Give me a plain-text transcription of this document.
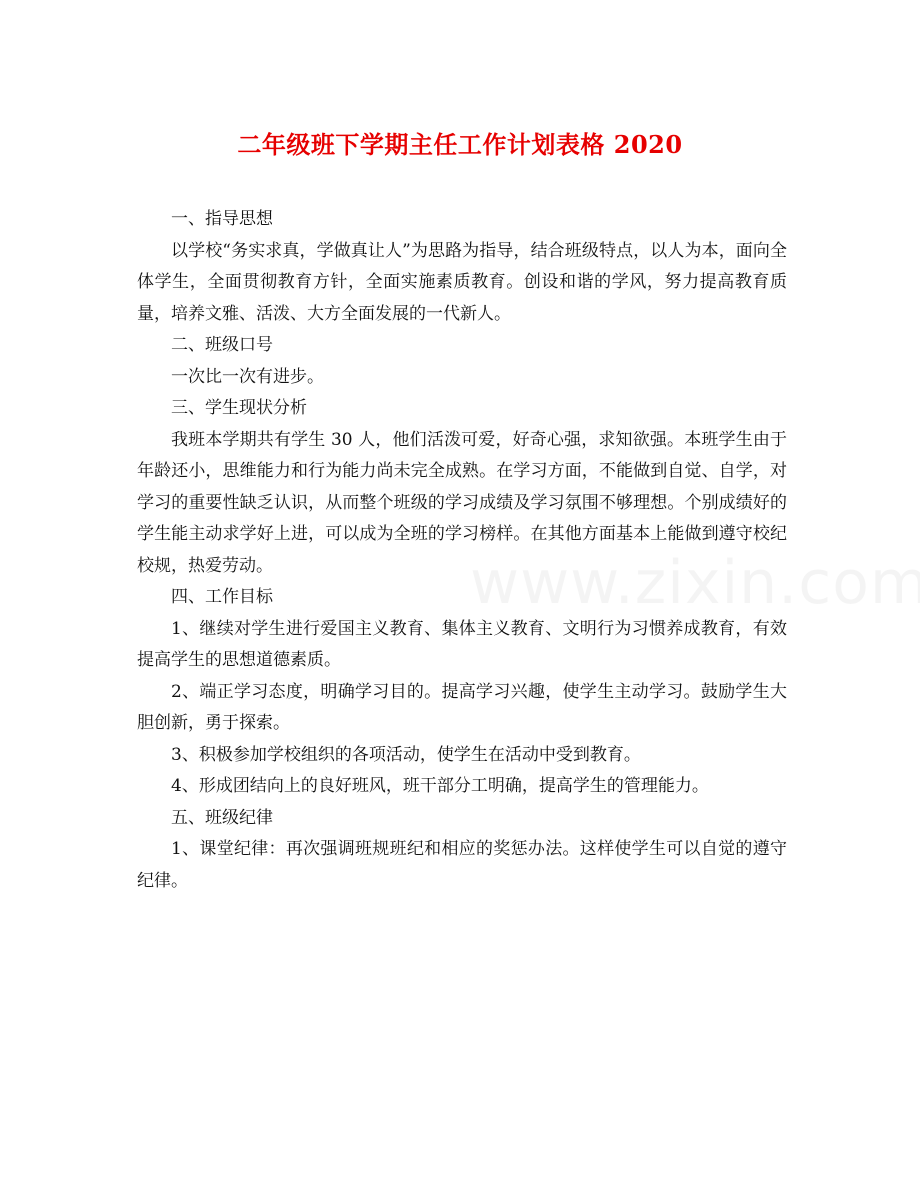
二年级班下学期主任工作计划表格 2020

一、指导思想

以学校“务实求真，学做真让人”为思路为指导，结合班级特点，以人为本，面向全体学生，全面贯彻教育方针，全面实施素质教育。创设和谐的学风，努力提高教育质量，培养文雅、活泼、大方全面发展的一代新人。

二、班级口号

一次比一次有进步。

三、学生现状分析

我班本学期共有学生 30 人，他们活泼可爱，好奇心强，求知欲强。本班学生由于年龄还小，思维能力和行为能力尚未完全成熟。在学习方面，不能做到自觉、自学，对学习的重要性缺乏认识，从而整个班级的学习成绩及学习氛围不够理想。个别成绩好的学生能主动求学好上进，可以成为全班的学习榜样。在其他方面基本上能做到遵守校纪校规，热爱劳动。

四、工作目标

1、继续对学生进行爱国主义教育、集体主义教育、文明行为习惯养成教育，有效提高学生的思想道德素质。

2、端正学习态度，明确学习目的。提高学习兴趣，使学生主动学习。鼓励学生大胆创新，勇于探索。

3、积极参加学校组织的各项活动，使学生在活动中受到教育。

4、形成团结向上的良好班风，班干部分工明确，提高学生的管理能力。

五、班级纪律

1、课堂纪律：再次强调班规班纪和相应的奖惩办法。这样使学生可以自觉的遵守纪律。
